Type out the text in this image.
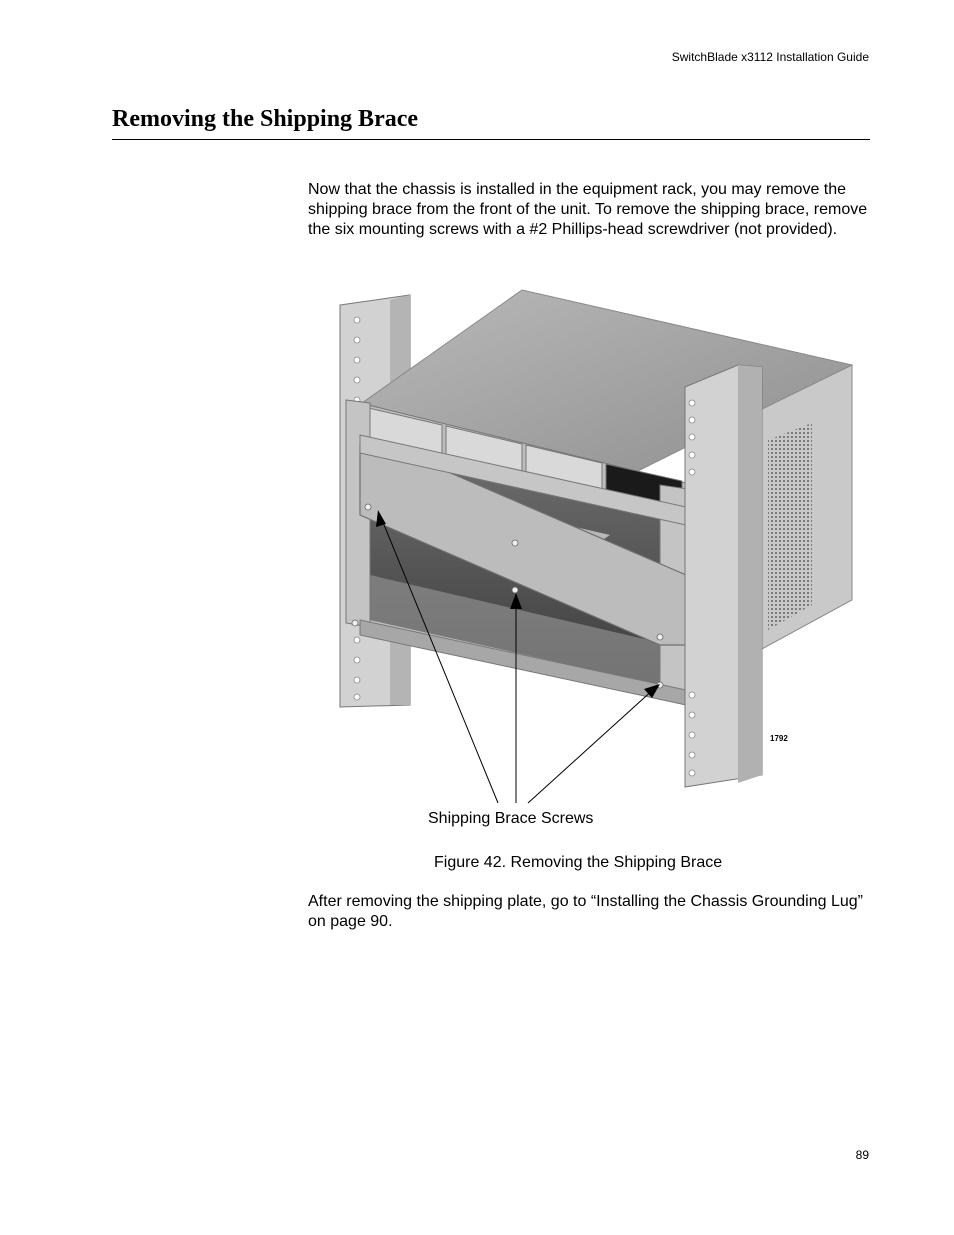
SwitchBlade x3112 Installation Guide
Removing the Shipping Brace

Now that the chassis is installed in the equipment rack, you may remove the shipping brace from the front of the unit. To remove the shipping brace, remove the six mounting screws with a #2 Phillips-head screwdriver (not provided).

1792
Shipping Brace Screws
Figure 42. Removing the Shipping Brace

After removing the shipping plate, go to “Installing the Chassis Grounding Lug” on page 90.

89
